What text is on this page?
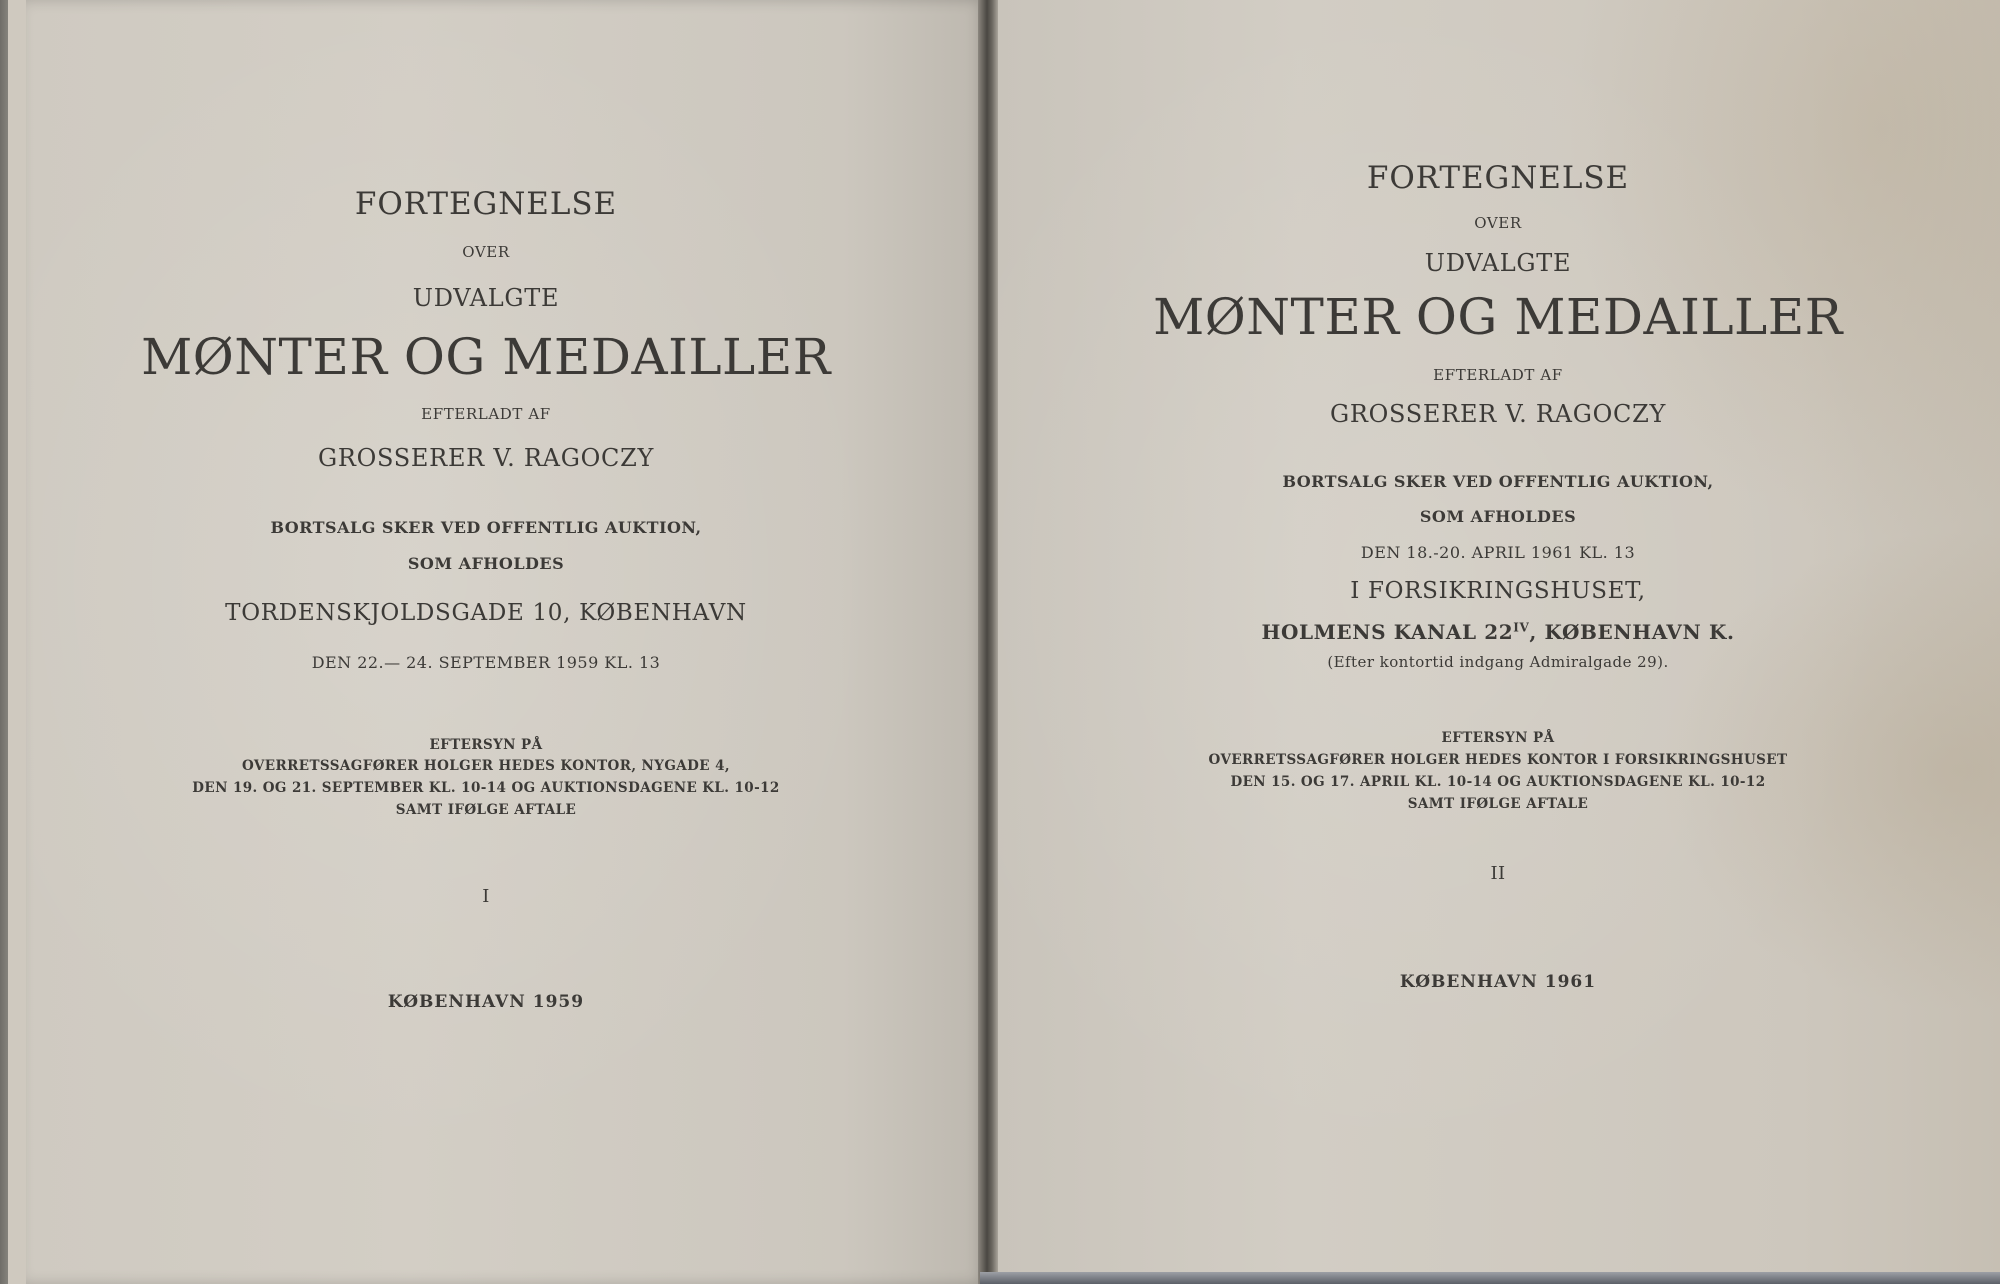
FORTEGNELSE
OVER
UDVALGTE
MØNTER OG MEDAILLER
EFTERLADT AF
GROSSERER V. RAGOCZY
BORTSALG SKER VED OFFENTLIG AUKTION,
SOM AFHOLDES
TORDENSKJOLDSGADE 10, KØBENHAVN
DEN 22.— 24. SEPTEMBER 1959 KL. 13
EFTERSYN PÅ
OVERRETSSAGFØRER HOLGER HEDES KONTOR, NYGADE 4,
DEN 19. OG 21. SEPTEMBER KL. 10-14 OG AUKTIONSDAGENE KL. 10-12
SAMT IFØLGE AFTALE
I
KØBENHAVN 1959
FORTEGNELSE
OVER
UDVALGTE
MØNTER OG MEDAILLER
EFTERLADT AF
GROSSERER V. RAGOCZY
BORTSALG SKER VED OFFENTLIG AUKTION,
SOM AFHOLDES
DEN 18.-20. APRIL 1961 KL. 13
I FORSIKRINGSHUSET,
HOLMENS KANAL $22^{IV}$, KØBENHAVN K.
(Efter kontortid indgang Admiralgade 29).
EFTERSYN PÅ
OVERRETSSAGFØRER HOLGER HEDES KONTOR I FORSIKRINGSHUSET
DEN 15. OG 17. APRIL KL. 10-14 OG AUKTIONSDAGENE KL. 10-12
SAMT IFØLGE AFTALE
II
KØBENHAVN 1961
